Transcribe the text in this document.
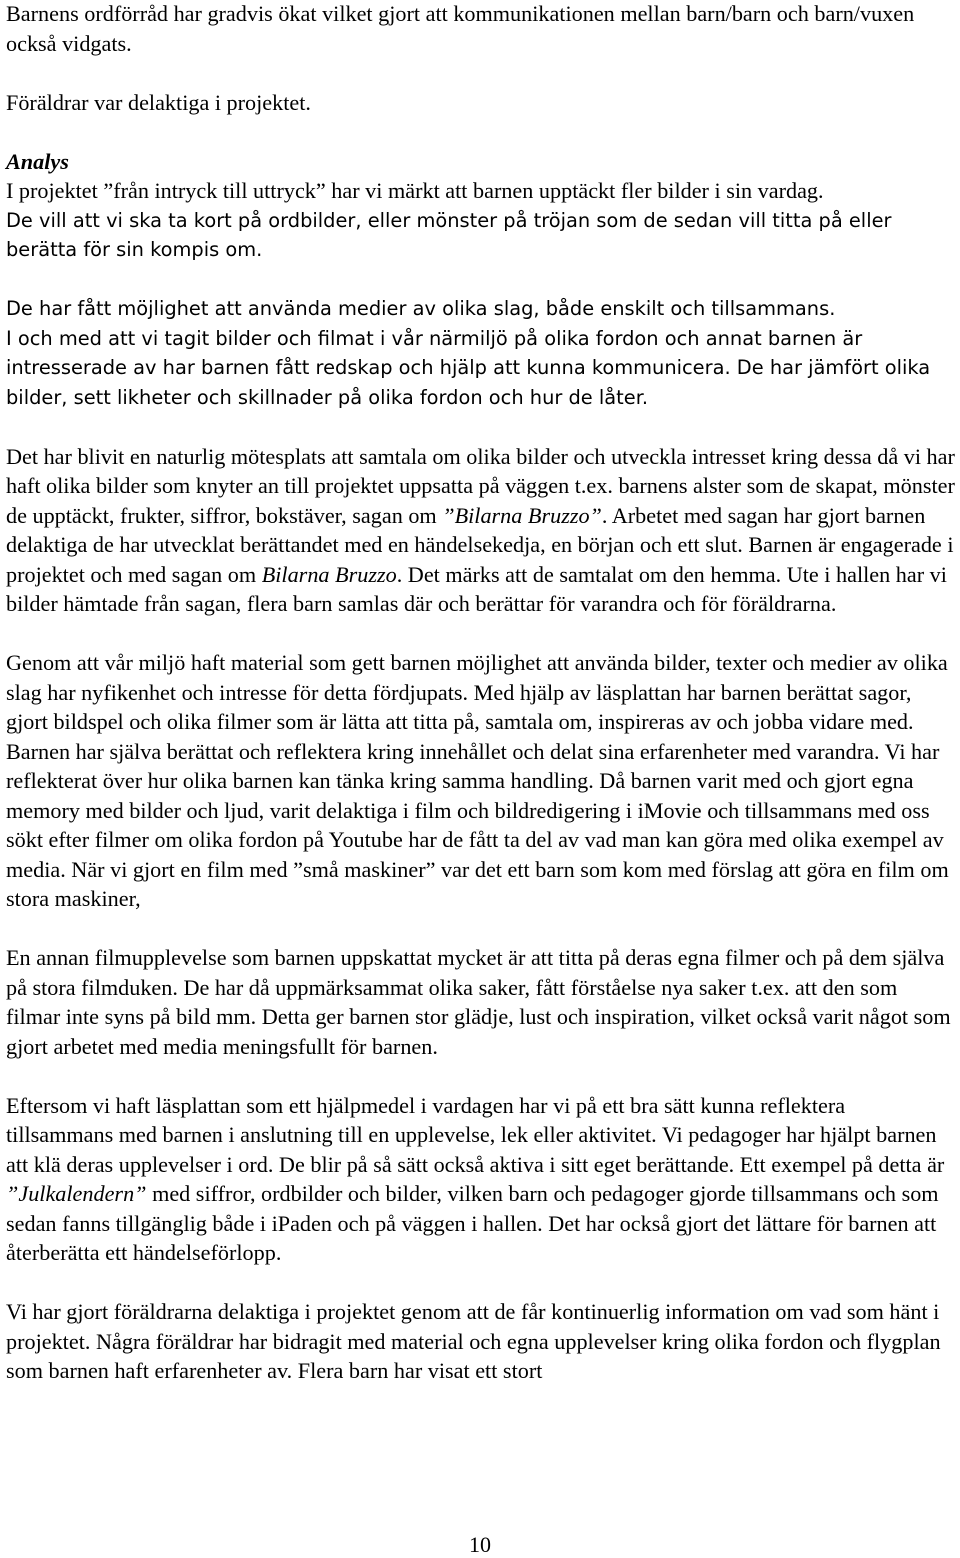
Barnens ordförråd har gradvis ökat vilket gjort att kommunikationen mellan barn/barn och barn/vuxen också vidgats.

Föräldrar var delaktiga i projektet.

Analys

I projektet ”från intryck till uttryck” har vi märkt att barnen upptäckt fler bilder i sin vardag.

De vill att vi ska ta kort på ordbilder, eller mönster på tröjan som de sedan vill titta på eller berätta för sin kompis om.

De har fått möjlighet att använda medier av olika slag, både enskilt och tillsammans.

I och med att vi tagit bilder och filmat i vår närmiljö på olika fordon och annat barnen är intresserade av har barnen fått redskap och hjälp att kunna kommunicera. De har jämfört olika bilder, sett likheter och skillnader på olika fordon och hur de låter.

Det har blivit en naturlig mötesplats att samtala om olika bilder och utveckla intresset kring dessa då vi har haft olika bilder som knyter an till projektet uppsatta på väggen t.ex. barnens alster som de skapat, mönster de upptäckt, frukter, siffror, bokstäver, sagan om ”Bilarna Bruzzo”. Arbetet med sagan har gjort barnen delaktiga de har utvecklat berättandet med en händelsekedja, en början och ett slut. Barnen är engagerade i projektet och med sagan om Bilarna Bruzzo. Det märks att de samtalat om den hemma. Ute i hallen har vi bilder hämtade från sagan, flera barn samlas där och berättar för varandra och för föräldrarna.

Genom att vår miljö haft material som gett barnen möjlighet att använda bilder, texter och medier av olika slag har nyfikenhet och intresse för detta fördjupats. Med hjälp av läsplattan har barnen berättat sagor, gjort bildspel och olika filmer som är lätta att titta på, samtala om, inspireras av och jobba vidare med. Barnen har själva berättat och reflektera kring innehållet och delat sina erfarenheter med varandra. Vi har reflekterat över hur olika barnen kan tänka kring samma handling. Då barnen varit med och gjort egna memory med bilder och ljud, varit delaktiga i film och bildredigering i iMovie och tillsammans med oss sökt efter filmer om olika fordon på Youtube har de fått ta del av vad man kan göra med olika exempel av media. När vi gjort en film med ”små maskiner” var det ett barn som kom med förslag att göra en film om stora maskiner,

En annan filmupplevelse som barnen uppskattat mycket är att titta på deras egna filmer och på dem själva på stora filmduken. De har då uppmärksammat olika saker, fått förståelse nya saker t.ex. att den som filmar inte syns på bild mm. Detta ger barnen stor glädje, lust och inspiration, vilket också varit något som gjort arbetet med media meningsfullt för barnen.

Eftersom vi haft läsplattan som ett hjälpmedel i vardagen har vi på ett bra sätt kunna reflektera tillsammans med barnen i anslutning till en upplevelse, lek eller aktivitet. Vi pedagoger har hjälpt barnen att klä deras upplevelser i ord. De blir på så sätt också aktiva i sitt eget berättande. Ett exempel på detta är ”Julkalendern” med siffror, ordbilder och bilder, vilken barn och pedagoger gjorde tillsammans och som sedan fanns tillgänglig både i iPaden och på väggen i hallen. Det har också gjort det lättare för barnen att återberätta ett händelseförlopp.

Vi har gjort föräldrarna delaktiga i projektet genom att de får kontinuerlig information om vad som hänt i projektet. Några föräldrar har bidragit med material och egna upplevelser kring olika fordon och flygplan som barnen haft erfarenheter av. Flera barn har visat ett stort

10
